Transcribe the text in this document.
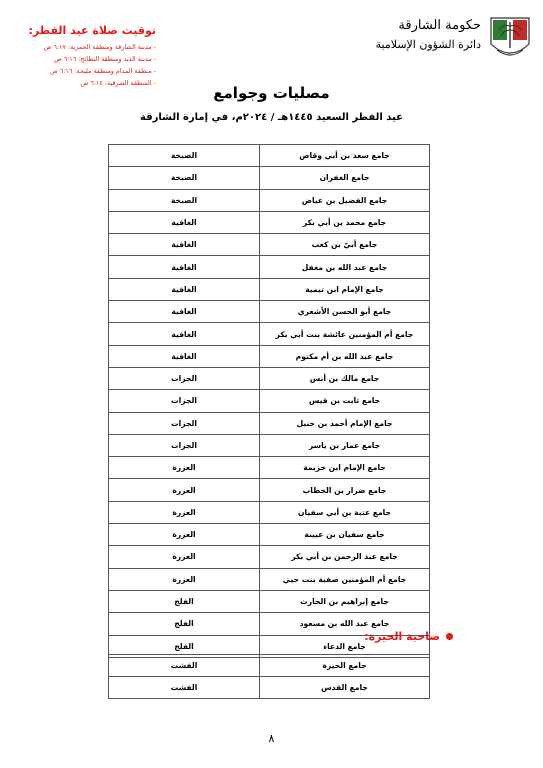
حكومة الشارقة
دائرة الشؤون الإسلامية
توقيت صلاة عيد الفطر:
- مدينة الشارقة ومنطقة الحمرية: ٦:١٧ ص
- مدينة الذيد ومنطقة البطائح: ٦:١٦ ص
- منطقة المدام ومنطقة مليحة: ٦:١٦ ص
- المنطقة الشرقية: ٦:١٤ ص
مصليات وجوامع
عيد الفطر السعيد ١٤٤٥هـ / ٢٠٢٤م، في إمارة الشارقة
جامع سعد بن أبي وقاص	الصبخة
جامع الغفران	الصبخة
جامع الفضيل بن عياض	الصبخة
جامع محمد بن أبي بكر	الغافية
جامع أبيّ بن كعب	الغافية
جامع عبد الله بن مغفل	الغافية
جامع الإمام ابن تيمية	الغافية
جامع أبو الحسن الأشعري	الغافية
جامع أم المؤمنين عائشة بنت أبي بكر	الغافية
جامع عبد الله بن أم مكتوم	الغافية
جامع مالك بن أنس	الجزات
جامع ثابت بن قيس	الجزات
جامع الإمام أحمد بن حنبل	الجزات
جامع عمار بن ياسر	الجزات
جامع الإمام ابن خزيمة	العزرة
جامع ضرار بن الخطاب	العزرة
جامع عتبة بن أبي سفيان	العزرة
جامع سفيان بن عيينة	العزرة
جامع عبد الرحمن بن أبي بكر	العزرة
جامع أم المؤمنين صفية بنت حيي	العزرة
جامع إبراهيم بن الحارث	الفلج
جامع عبد الله بن مسعود	الفلج
جامع الدعاء	الفلج
ضاحية الحيرة:
جامع الحيرة	الفشت
جامع القدس	الفشت
٨
